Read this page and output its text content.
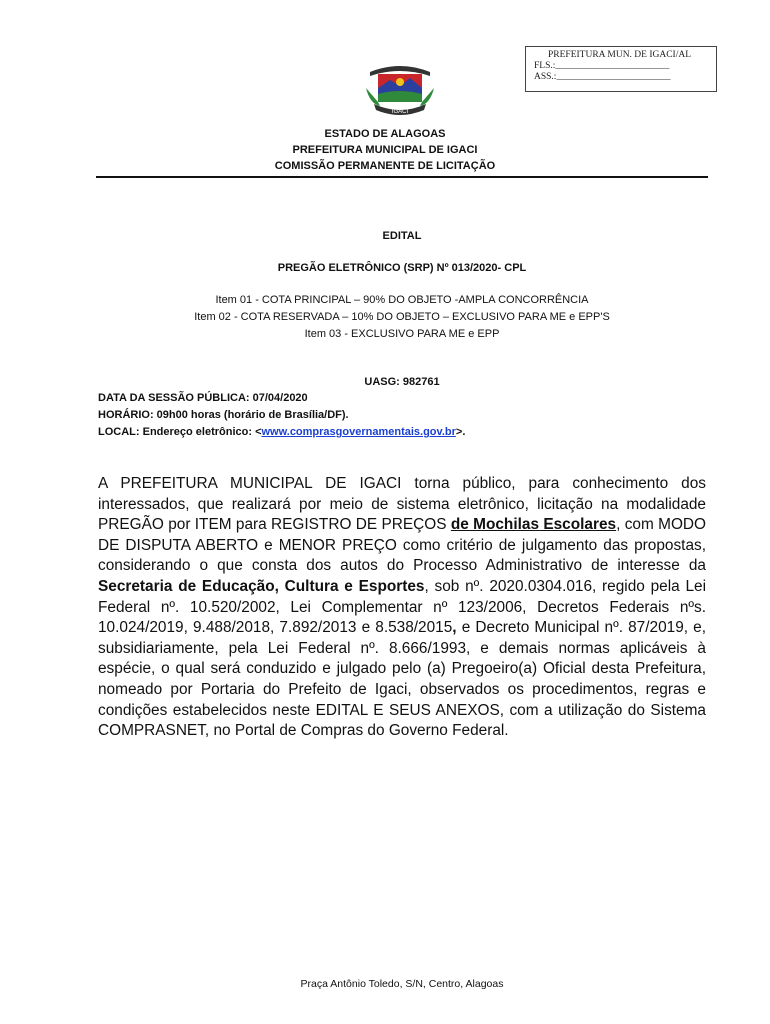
PREFEITURA MUN. DE IGACI/AL
FLS.:________________________
ASS.:________________________
IGACI
ESTADO DE ALAGOAS
PREFEITURA MUNICIPAL DE IGACI
COMISSÃO PERMANENTE DE LICITAÇÃO
EDITAL
PREGÃO ELETRÔNICO (SRP) Nº 013/2020- CPL
Item 01 - COTA PRINCIPAL – 90% DO OBJETO -AMPLA CONCORRÊNCIA
Item 02 - COTA RESERVADA – 10% DO OBJETO – EXCLUSIVO PARA ME e EPP'S
Item 03 - EXCLUSIVO PARA ME e EPP
UASG: 982761
DATA DA SESSÃO PÚBLICA: 07/04/2020
HORÁRIO: 09h00 horas (horário de Brasília/DF).
LOCAL: Endereço eletrônico: <www.comprasgovernamentais.gov.br>.
A PREFEITURA MUNICIPAL DE IGACI torna público, para conhecimento dos interessados, que realizará por meio de sistema eletrônico, licitação na modalidade PREGÃO por ITEM para REGISTRO DE PREÇOS de Mochilas Escolares, com MODO DE DISPUTA ABERTO e MENOR PREÇO como critério de julgamento das propostas, considerando o que consta dos autos do Processo Administrativo de interesse da Secretaria de Educação, Cultura e Esportes, sob nº. 2020.0304.016, regido pela Lei Federal nº. 10.520/2002, Lei Complementar nº 123/2006, Decretos Federais nºs. 10.024/2019, 9.488/2018, 7.892/2013 e 8.538/2015, e Decreto Municipal nº. 87/2019, e, subsidiariamente, pela Lei Federal nº. 8.666/1993, e demais normas aplicáveis à espécie, o qual será conduzido e julgado pelo (a) Pregoeiro(a) Oficial desta Prefeitura, nomeado por Portaria do Prefeito de Igaci, observados os procedimentos, regras e condições estabelecidos neste EDITAL E SEUS ANEXOS, com a utilização do Sistema COMPRASNET, no Portal de Compras do Governo Federal.
Praça Antônio Toledo, S/N, Centro, Alagoas
